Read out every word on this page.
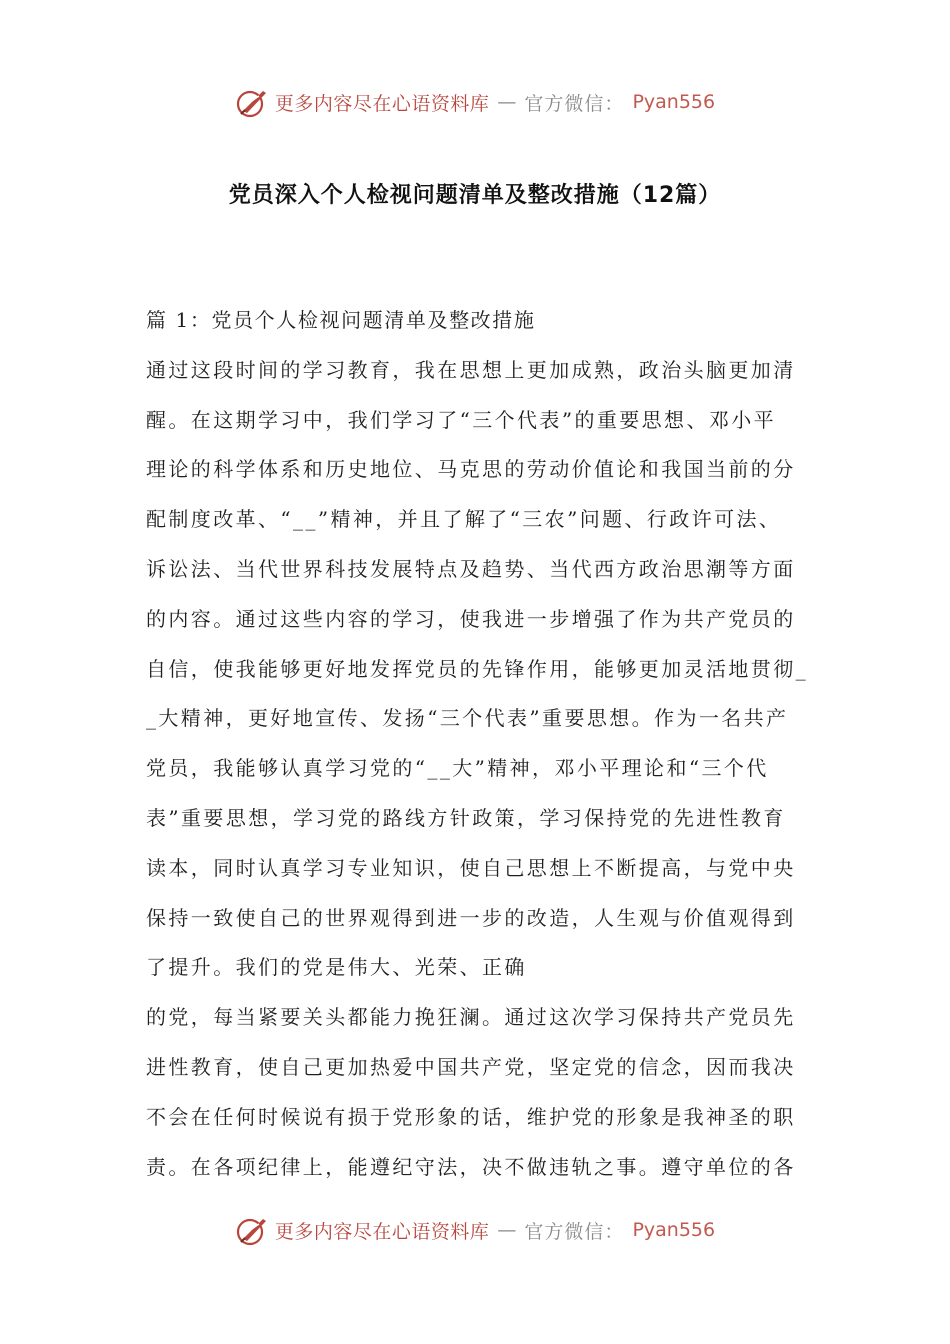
更多内容尽在心语资料库 — 官方微信： Pyan556
党员深入个人检视问题清单及整改措施（12篇）
篇 1：党员个人检视问题清单及整改措施
通过这段时间的学习教育，我在思想上更加成熟，政治头脑更加清
醒。在这期学习中，我们学习了“三个代表”的重要思想、邓小平
理论的科学体系和历史地位、马克思的劳动价值论和我国当前的分
配制度改革、“__”精神，并且了解了“三农”问题、行政许可法、
诉讼法、当代世界科技发展特点及趋势、当代西方政治思潮等方面
的内容。通过这些内容的学习，使我进一步增强了作为共产党员的
自信，使我能够更好地发挥党员的先锋作用，能够更加灵活地贯彻_
_大精神，更好地宣传、发扬“三个代表”重要思想。作为一名共产
党员，我能够认真学习党的“__大”精神，邓小平理论和“三个代
表”重要思想，学习党的路线方针政策，学习保持党的先进性教育
读本，同时认真学习专业知识，使自己思想上不断提高，与党中央
保持一致使自己的世界观得到进一步的改造，人生观与价值观得到
了提升。我们的党是伟大、光荣、正确
的党，每当紧要关头都能力挽狂澜。通过这次学习保持共产党员先
进性教育，使自己更加热爱中国共产党，坚定党的信念，因而我决
不会在任何时候说有损于党形象的话，维护党的形象是我神圣的职
责。在各项纪律上，能遵纪守法，决不做违轨之事。遵守单位的各
更多内容尽在心语资料库 — 官方微信： Pyan556
